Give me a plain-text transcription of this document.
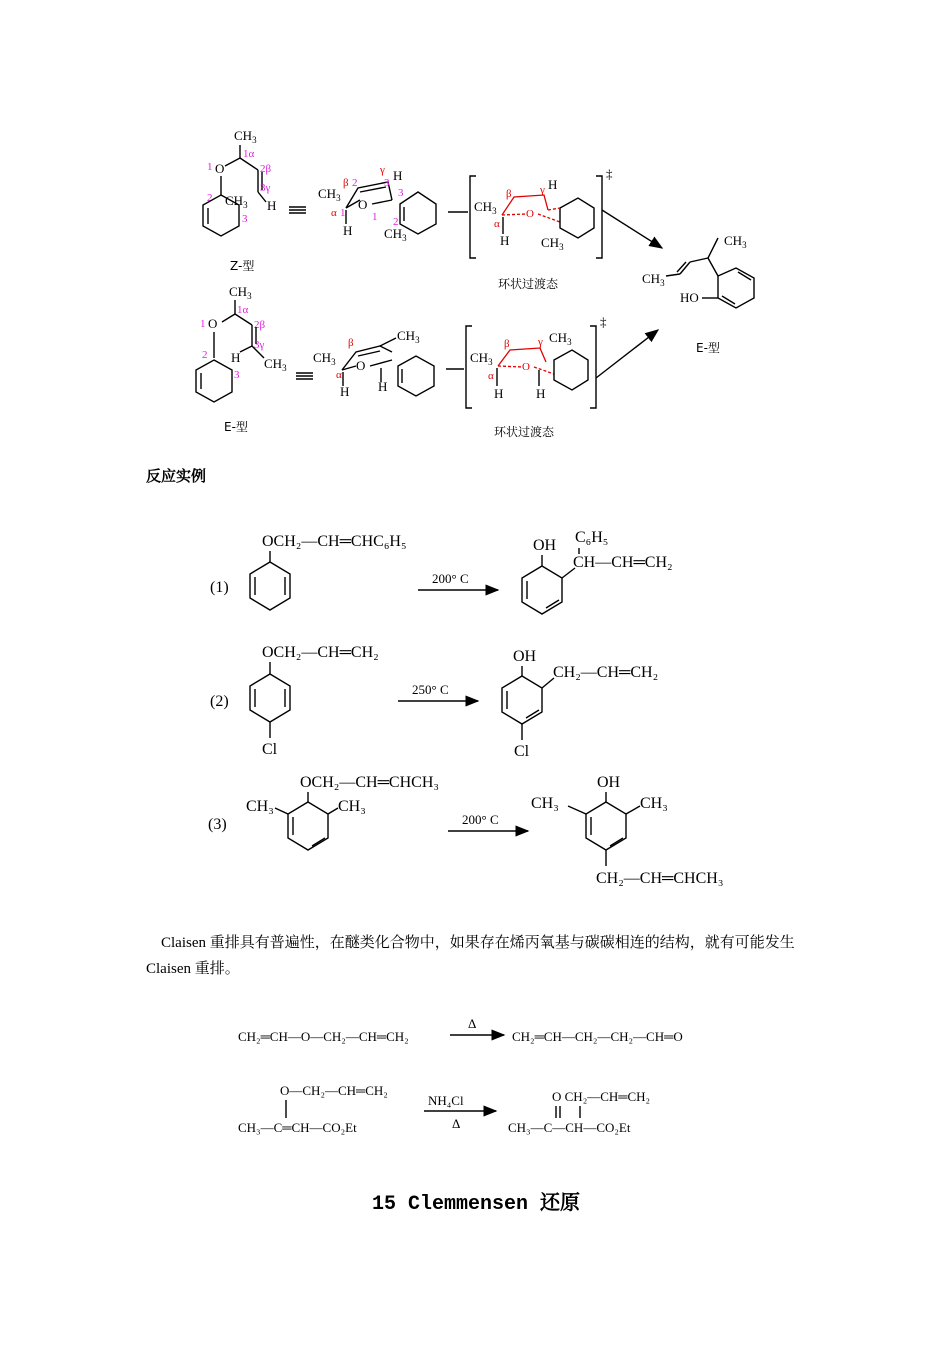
$CH_3$
1α
1 O	2β
3γ
H
$CH_3$
2
3
Z-型
$CH_3$
β 2
α 1
O
γ
3 H
3
1 2
H $CH_3$
‡
$CH_3$
β	γ H
α
O
H $CH_3$
环状过渡态
$CH_3$
1α
1 O	2β
3γ
H $CH_3$
2
3
E-型
$CH_3$
β
α
O
$CH_3$
H H
‡
$CH_3$
β	γ $CH_3$
α
O
H	H
环状过渡态
$CH_3$
$CH_3$
HO
E-型
(1)
OCH₂—CH═CHC₆H₅
200° C
OH C₆H₅
CH—CH═CH₂
(2)
OCH₂—CH═CH₂
Cl
250° C
OH
CH₂—CH═CH₂
Cl
(3)
OCH₂—CH═CHCH₃
CH₃	CH₃
200° C
OH
CH₃	CH₃
CH₂—CH═CHCH₃
CH₂═CH—O—CH₂—CH═CH₂
Δ
CH₂═CH—CH₂—CH₂—CH═O
O—CH₂—CH═CH₂
CH₃—C═CH—CO₂Et
NH₄Cl
Δ
O CH₂—CH═CH₂
CH₃—C—CH—CO₂Et
反应实例

Claisen 重排具有普遍性，在醚类化合物中，如果存在烯丙氧基与碳碳相连的结构，就有可能发生 Claisen 重排。

15 Clemmensen 还原
